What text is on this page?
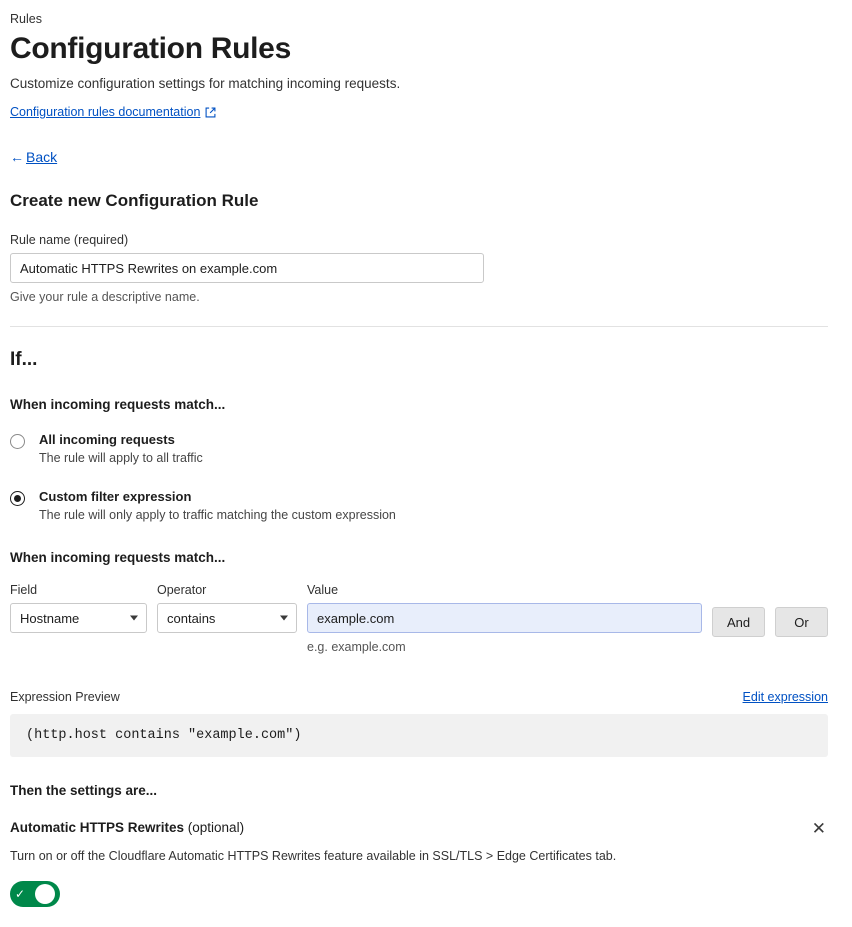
Rules
Configuration Rules
Customize configuration settings for matching incoming requests.
Configuration rules documentation
← Back
Create new Configuration Rule
Rule name (required)
Automatic HTTPS Rewrites on example.com
Give your rule a descriptive name.
If...
When incoming requests match...
All incoming requests
The rule will apply to all traffic
Custom filter expression
The rule will only apply to traffic matching the custom expression
When incoming requests match...
Field
Hostname
Operator
contains
Value
example.com
e.g. example.com
And	Or
Expression Preview	Edit expression
(http.host contains "example.com")
Then the settings are...
Automatic HTTPS Rewrites (optional)	✕
Turn on or off the Cloudflare Automatic HTTPS Rewrites feature available in SSL/TLS > Edge Certificates tab.
✓
